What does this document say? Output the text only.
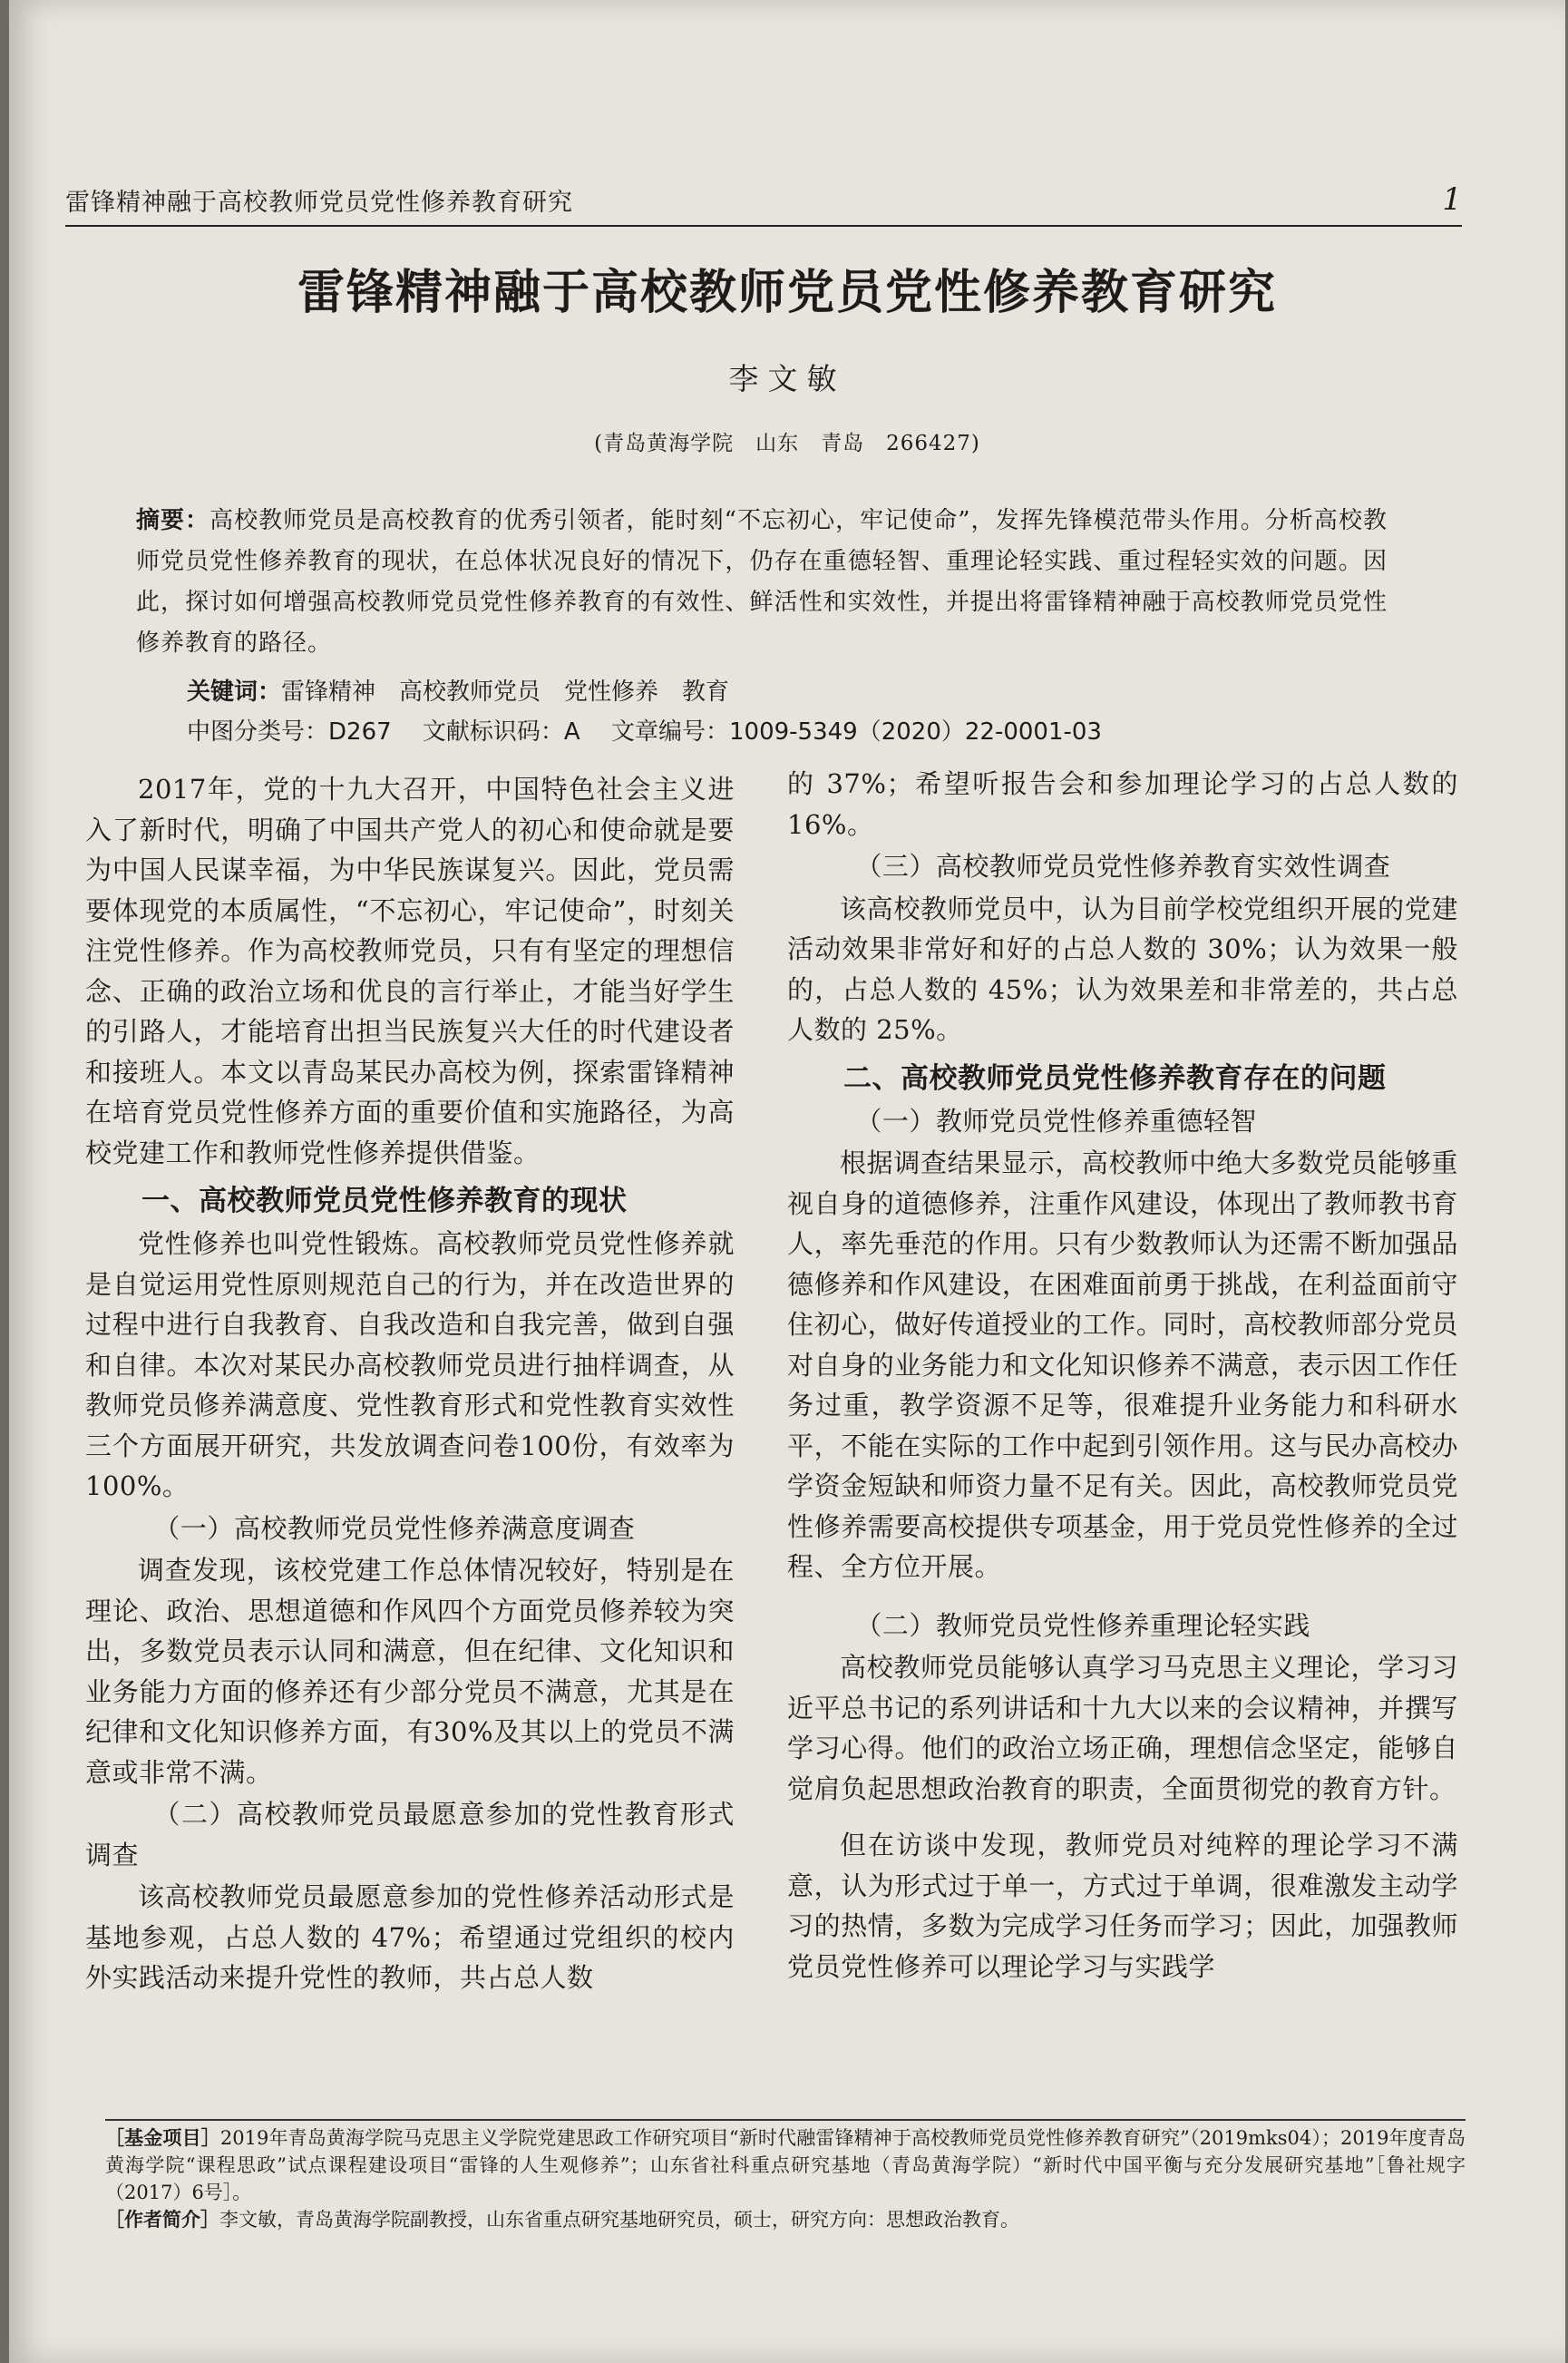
雷锋精神融于高校教师党员党性修养教育研究	1
雷锋精神融于高校教师党员党性修养教育研究
李文敏
(青岛黄海学院　山东　青岛　266427)
摘要：高校教师党员是高校教育的优秀引领者，能时刻“不忘初心，牢记使命”，发挥先锋模范带头作用。分析高校教师党员党性修养教育的现状，在总体状况良好的情况下，仍存在重德轻智、重理论轻实践、重过程轻实效的问题。因此，探讨如何增强高校教师党员党性修养教育的有效性、鲜活性和实效性，并提出将雷锋精神融于高校教师党员党性修养教育的路径。
关键词：雷锋精神　高校教师党员　党性修养　教育
中图分类号：D267 文献标识码：A 文章编号：1009-5349（2020）22-0001-03

2017年，党的十九大召开，中国特色社会主义进入了新时代，明确了中国共产党人的初心和使命就是要为中国人民谋幸福，为中华民族谋复兴。因此，党员需要体现党的本质属性，“不忘初心，牢记使命”，时刻关注党性修养。作为高校教师党员，只有有坚定的理想信念、正确的政治立场和优良的言行举止，才能当好学生的引路人，才能培育出担当民族复兴大任的时代建设者和接班人。本文以青岛某民办高校为例，探索雷锋精神在培育党员党性修养方面的重要价值和实施路径，为高校党建工作和教师党性修养提供借鉴。

一、高校教师党员党性修养教育的现状

党性修养也叫党性锻炼。高校教师党员党性修养就是自觉运用党性原则规范自己的行为，并在改造世界的过程中进行自我教育、自我改造和自我完善，做到自强和自律。本次对某民办高校教师党员进行抽样调查，从教师党员修养满意度、党性教育形式和党性教育实效性三个方面展开研究，共发放调查问卷100份，有效率为100%。

（一）高校教师党员党性修养满意度调查

调查发现，该校党建工作总体情况较好，特别是在理论、政治、思想道德和作风四个方面党员修养较为突出，多数党员表示认同和满意，但在纪律、文化知识和业务能力方面的修养还有少部分党员不满意，尤其是在纪律和文化知识修养方面，有30%及其以上的党员不满意或非常不满。

（二）高校教师党员最愿意参加的党性教育形式调查

该高校教师党员最愿意参加的党性修养活动形式是基地参观，占总人数的 47%；希望通过党组织的校内外实践活动来提升党性的教师，共占总人数

的 37%；希望听报告会和参加理论学习的占总人数的16%。

（三）高校教师党员党性修养教育实效性调查

该高校教师党员中，认为目前学校党组织开展的党建活动效果非常好和好的占总人数的 30%；认为效果一般的，占总人数的 45%；认为效果差和非常差的，共占总人数的 25%。

二、高校教师党员党性修养教育存在的问题
（一）教师党员党性修养重德轻智

根据调查结果显示，高校教师中绝大多数党员能够重视自身的道德修养，注重作风建设，体现出了教师教书育人，率先垂范的作用。只有少数教师认为还需不断加强品德修养和作风建设，在困难面前勇于挑战，在利益面前守住初心，做好传道授业的工作。同时，高校教师部分党员对自身的业务能力和文化知识修养不满意，表示因工作任务过重，教学资源不足等，很难提升业务能力和科研水平，不能在实际的工作中起到引领作用。这与民办高校办学资金短缺和师资力量不足有关。因此，高校教师党员党性修养需要高校提供专项基金，用于党员党性修养的全过程、全方位开展。

（二）教师党员党性修养重理论轻实践

高校教师党员能够认真学习马克思主义理论，学习习近平总书记的系列讲话和十九大以来的会议精神，并撰写学习心得。他们的政治立场正确，理想信念坚定，能够自觉肩负起思想政治教育的职责，全面贯彻党的教育方针。

但在访谈中发现，教师党员对纯粹的理论学习不满意，认为形式过于单一，方式过于单调，很难激发主动学习的热情，多数为完成学习任务而学习；因此，加强教师党员党性修养可以理论学习与实践学

［基金项目］2019年青岛黄海学院马克思主义学院党建思政工作研究项目“新时代融雷锋精神于高校教师党员党性修养教育研究”（2019mks04）；2019年度青岛黄海学院“课程思政”试点课程建设项目“雷锋的人生观修养”；山东省社科重点研究基地（青岛黄海学院）“新时代中国平衡与充分发展研究基地”［鲁社规字（2017）6号］。

［作者简介］李文敏，青岛黄海学院副教授，山东省重点研究基地研究员，硕士，研究方向：思想政治教育。
